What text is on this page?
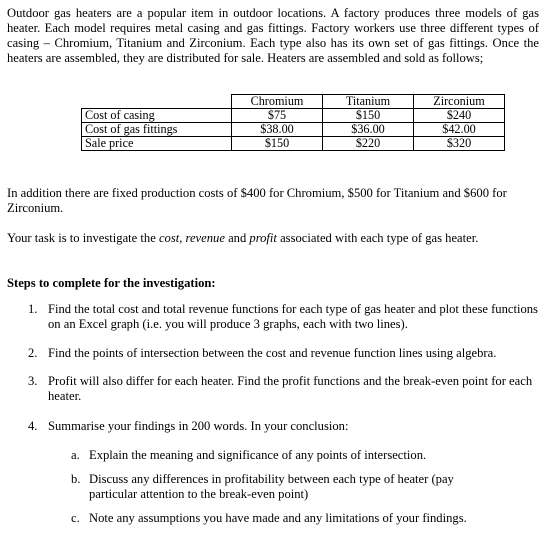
Outdoor gas heaters are a popular item in outdoor locations. A factory produces three models of gas heater. Each model requires metal casing and gas fittings. Factory workers use three different types of casing – Chromium, Titanium and Zirconium. Each type also has its own set of gas fittings. Once the heaters are assembled, they are distributed for sale. Heaters are assembled and sold as follows;

	Chromium	Titanium	Zirconium
Cost of casing	$75	$150	$240
Cost of gas fittings	$38.00	$36.00	$42.00
Sale price	$150	$220	$320

In addition there are fixed production costs of $400 for Chromium, $500 for Titanium and $600 for Zirconium.

Your task is to investigate the cost, revenue and profit associated with each type of gas heater.

Steps to complete for the investigation:

1. Find the total cost and total revenue functions for each type of gas heater and plot these functions on an Excel graph (i.e. you will produce 3 graphs, each with two lines).
2. Find the points of intersection between the cost and revenue function lines using algebra.
3. Profit will also differ for each heater. Find the profit functions and the break-even point for each heater.
4. Summarise your findings in 200 words. In your conclusion:
a. Explain the meaning and significance of any points of intersection.
b. Discuss any differences in profitability between each type of heater (pay particular attention to the break-even point)
c. Note any assumptions you have made and any limitations of your findings.
